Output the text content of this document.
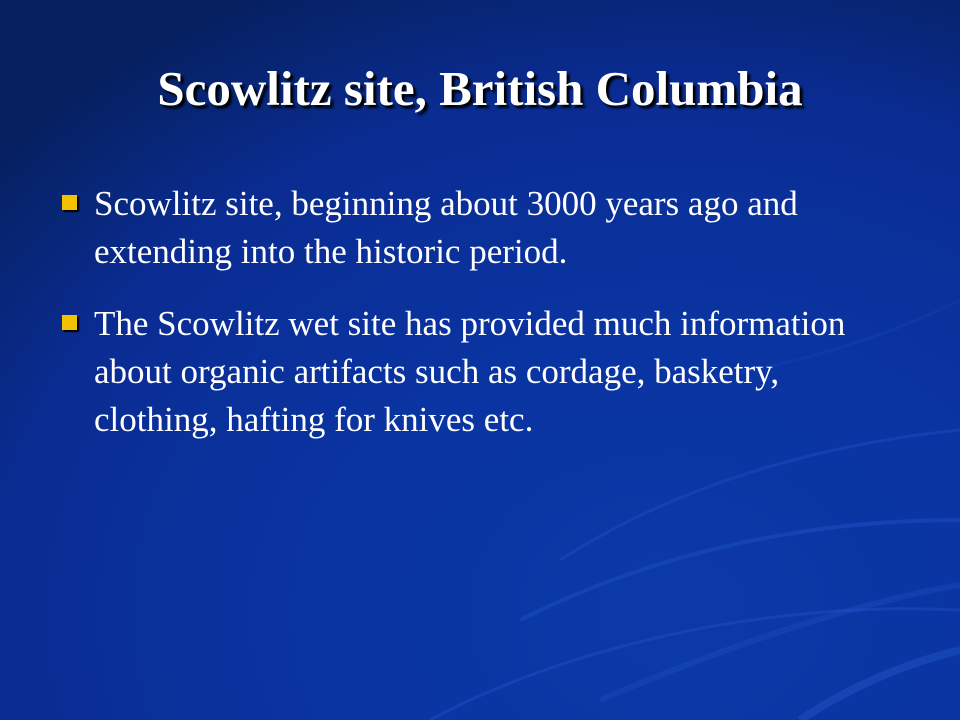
Scowlitz site, British Columbia
Scowlitz site, beginning about 3000 years ago and extending into the historic period.
The Scowlitz wet site has provided much information about organic artifacts such as cordage, basketry, clothing, hafting for knives etc.
